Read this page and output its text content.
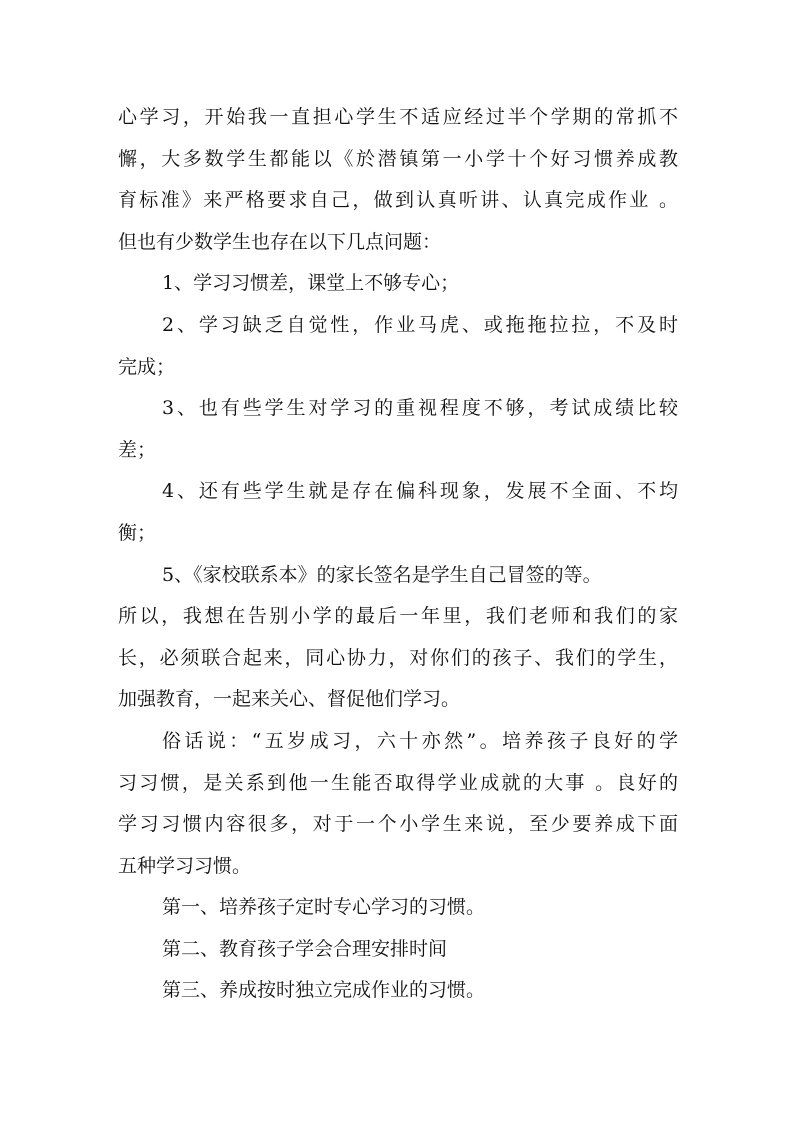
心学习，开始我一直担心学生不适应经过半个学期的常抓不
懈，大多数学生都能以《於潜镇第一小学十个好习惯养成教
育标准》来严格要求自己，做到认真听讲、认真完成作业 。
但也有少数学生也存在以下几点问题：
1、学习习惯差，课堂上不够专心；
2、学习缺乏自觉性，作业马虎、或拖拖拉拉，不及时
完成；
3、也有些学生对学习的重视程度不够，考试成绩比较
差；
4、还有些学生就是存在偏科现象，发展不全面、不均
衡；
5、《家校联系本》的家长签名是学生自己冒签的等。
所以，我想在告别小学的最后一年里，我们老师和我们的家
长，必须联合起来，同心协力，对你们的孩子、我们的学生，
加强教育，一起来关心、督促他们学习。
俗话说：“五岁成习，六十亦然”。培养孩子良好的学
习习惯，是关系到他一生能否取得学业成就的大事 。良好的
学习习惯内容很多，对于一个小学生来说，至少要养成下面
五种学习习惯。
第一、培养孩子定时专心学习的习惯。
第二、教育孩子学会合理安排时间
第三、养成按时独立完成作业的习惯。
